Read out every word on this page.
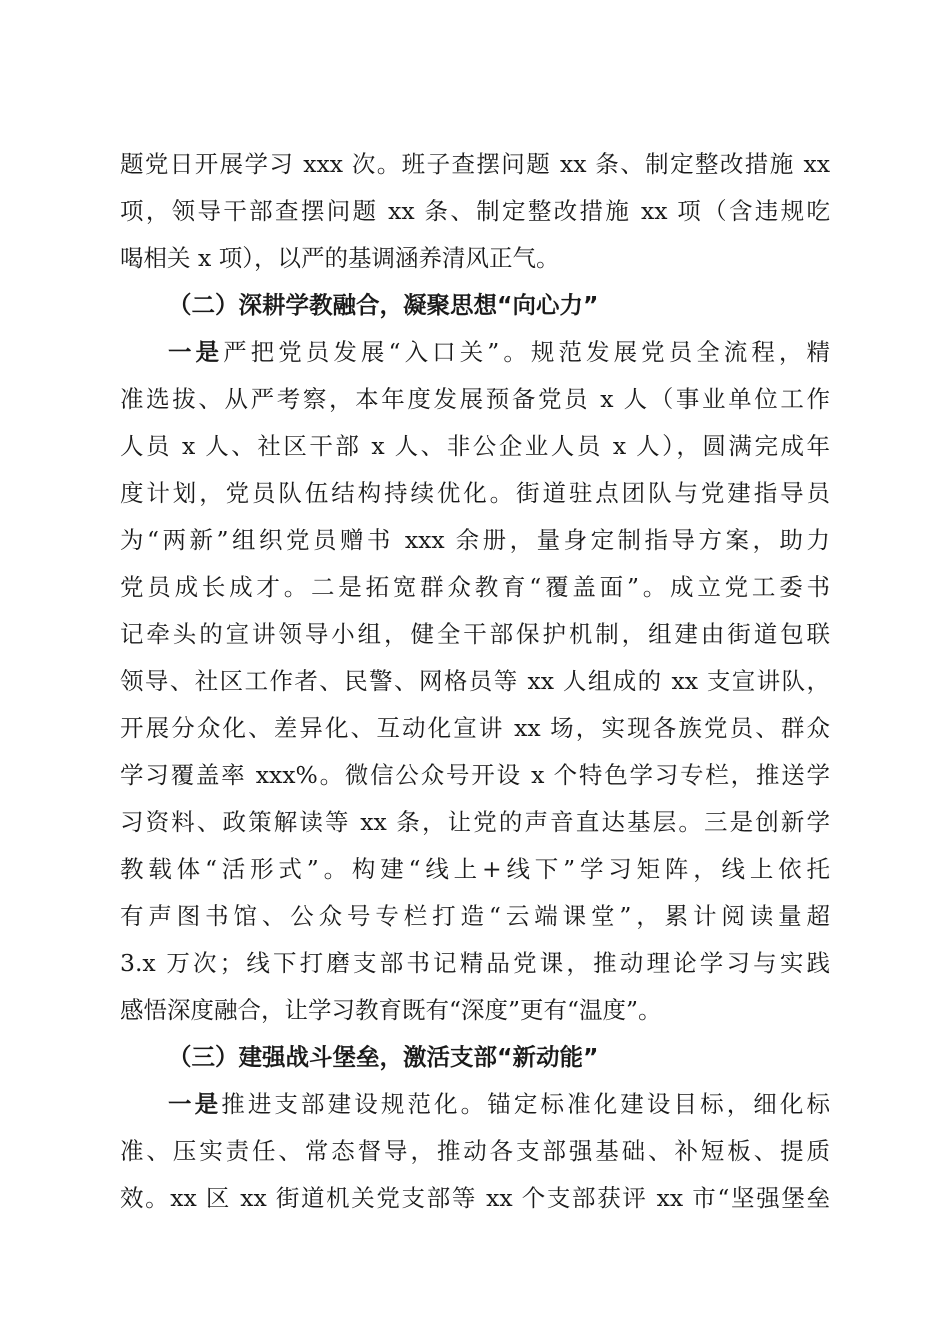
题党日开展学习 xxx 次。班子查摆问题 xx 条、制定整改措施 xx
项，领导干部查摆问题 xx 条、制定整改措施 xx 项（含违规吃
喝相关 x 项），以严的基调涵养清风正气。
（二）深耕学教融合，凝聚思想“向心力”
一是严把党员发展“入口关”。规范发展党员全流程，精
准选拔、从严考察，本年度发展预备党员 x 人（事业单位工作
人员 x 人、社区干部 x 人、非公企业人员 x 人），圆满完成年
度计划，党员队伍结构持续优化。街道驻点团队与党建指导员
为“两新”组织党员赠书 xxx 余册，量身定制指导方案，助力
党员成长成才。二是拓宽群众教育“覆盖面”。成立党工委书
记牵头的宣讲领导小组，健全干部保护机制，组建由街道包联
领导、社区工作者、民警、网格员等 xx 人组成的 xx 支宣讲队，
开展分众化、差异化、互动化宣讲 xx 场，实现各族党员、群众
学习覆盖率 xxx%。微信公众号开设 x 个特色学习专栏，推送学
习资料、政策解读等 xx 条，让党的声音直达基层。三是创新学
教载体“活形式”。构建“线上+线下”学习矩阵，线上依托
有声图书馆、公众号专栏打造“云端课堂”，累计阅读量超
3.x 万次；线下打磨支部书记精品党课，推动理论学习与实践
感悟深度融合，让学习教育既有“深度”更有“温度”。
（三）建强战斗堡垒，激活支部“新动能”
一是推进支部建设规范化。锚定标准化建设目标，细化标
准、压实责任、常态督导，推动各支部强基础、补短板、提质
效。xx 区 xx 街道机关党支部等 xx 个支部获评 xx 市“坚强堡垒
